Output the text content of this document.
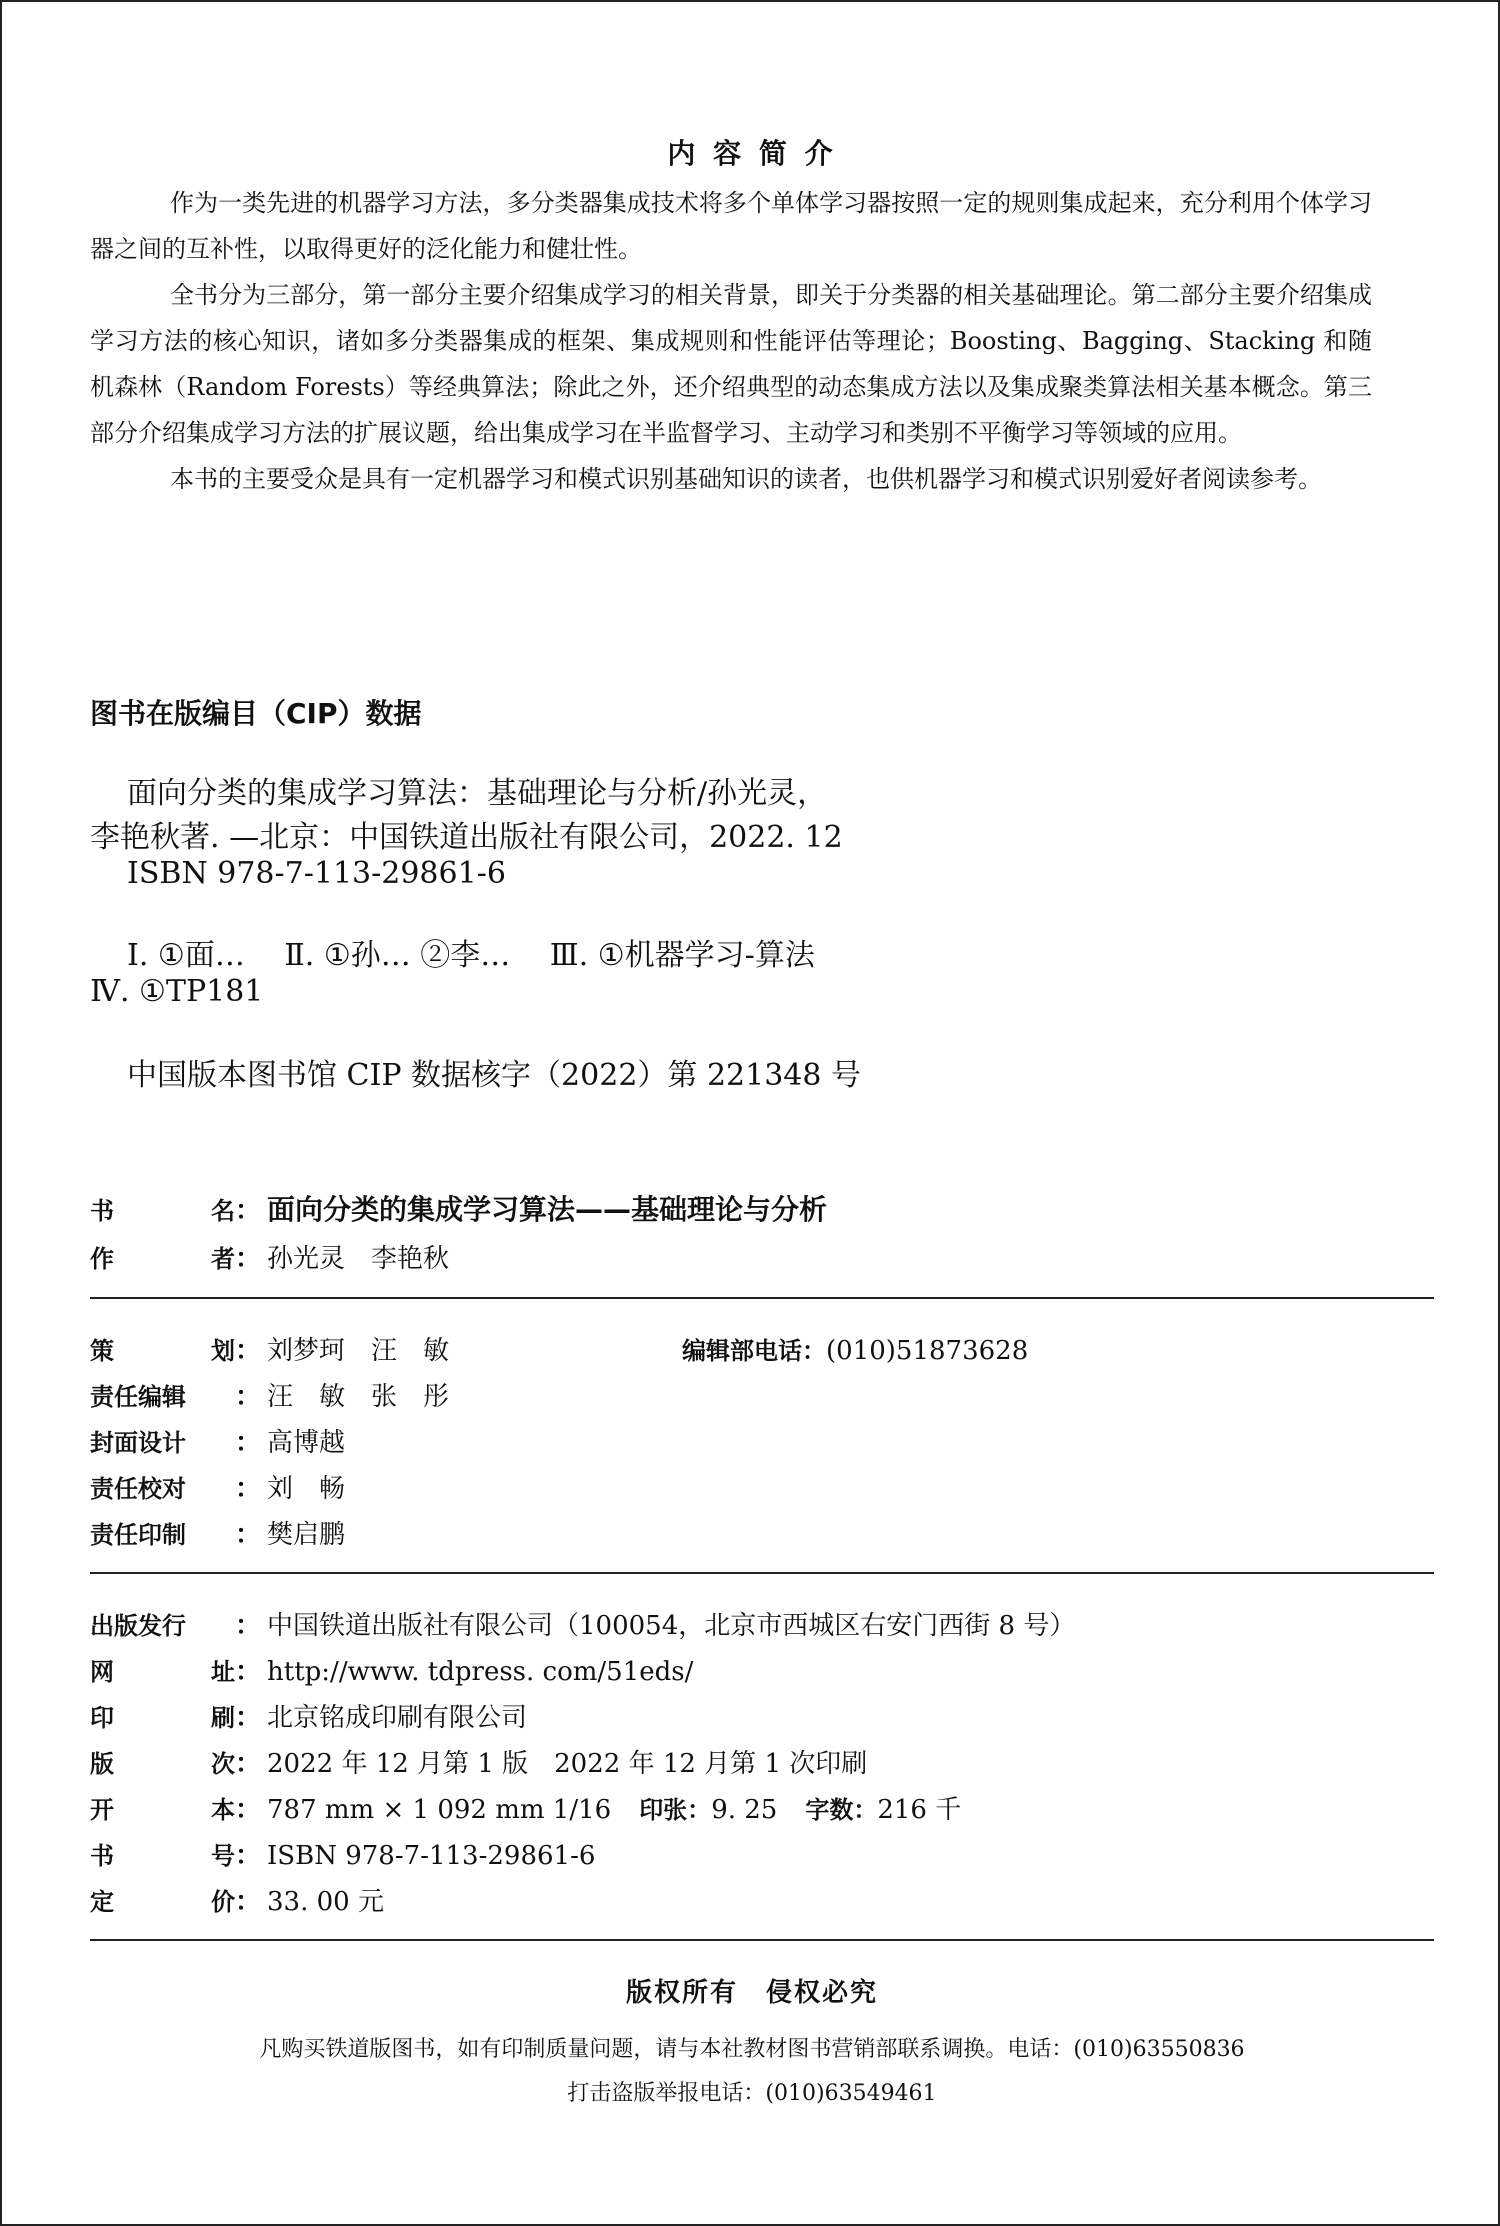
内 容 简 介

作为一类先进的机器学习方法，多分类器集成技术将多个单体学习器按照一定的规则集成起来，充分利用个体学习器之间的互补性，以取得更好的泛化能力和健壮性。

全书分为三部分，第一部分主要介绍集成学习的相关背景，即关于分类器的相关基础理论。第二部分主要介绍集成学习方法的核心知识，诸如多分类器集成的框架、集成规则和性能评估等理论；Boosting、Bagging、Stacking 和随机森林（Random Forests）等经典算法；除此之外，还介绍典型的动态集成方法以及集成聚类算法相关基本概念。第三部分介绍集成学习方法的扩展议题，给出集成学习在半监督学习、主动学习和类别不平衡学习等领域的应用。

本书的主要受众是具有一定机器学习和模式识别基础知识的读者，也供机器学习和模式识别爱好者阅读参考。

图书在版编目（CIP）数据
面向分类的集成学习算法：基础理论与分析/孙光灵，
李艳秋著. —北京：中国铁道出版社有限公司，2022. 12
ISBN 978-7-113-29861-6
Ⅰ. ①面…　 Ⅱ. ①孙… ②李…　 Ⅲ. ①机器学习-算法
Ⅳ. ①TP181
中国版本图书馆 CIP 数据核字（2022）第 221348 号
书	名 ： 面向分类的集成学习算法——基础理论与分析
作	者 ： 孙光灵　李艳秋
策	划 ： 刘梦珂　汪　敏	编辑部电话： (010)51873628
责任编辑	： 汪　敏　张　彤
封面设计	： 高博越
责任校对	： 刘　畅
责任印制	： 樊启鹏
出版发行	： 中国铁道出版社有限公司（100054，北京市西城区右安门西街 8 号）
网	址 ： http://www. tdpress. com/51eds/
印	刷 ： 北京铭成印刷有限公司
版	次 ： 2022 年 12 月第 1 版　2022 年 12 月第 1 次印刷
开	本 ： 787 mm × 1 092 mm 1/16 印张： 9. 25 字数： 216 千
书	号 ： ISBN 978-7-113-29861-6
定	价 ： 33. 00 元
版权所有　侵权必究
凡购买铁道版图书，如有印制质量问题，请与本社教材图书营销部联系调换。电话：(010)63550836
打击盗版举报电话：(010)63549461
